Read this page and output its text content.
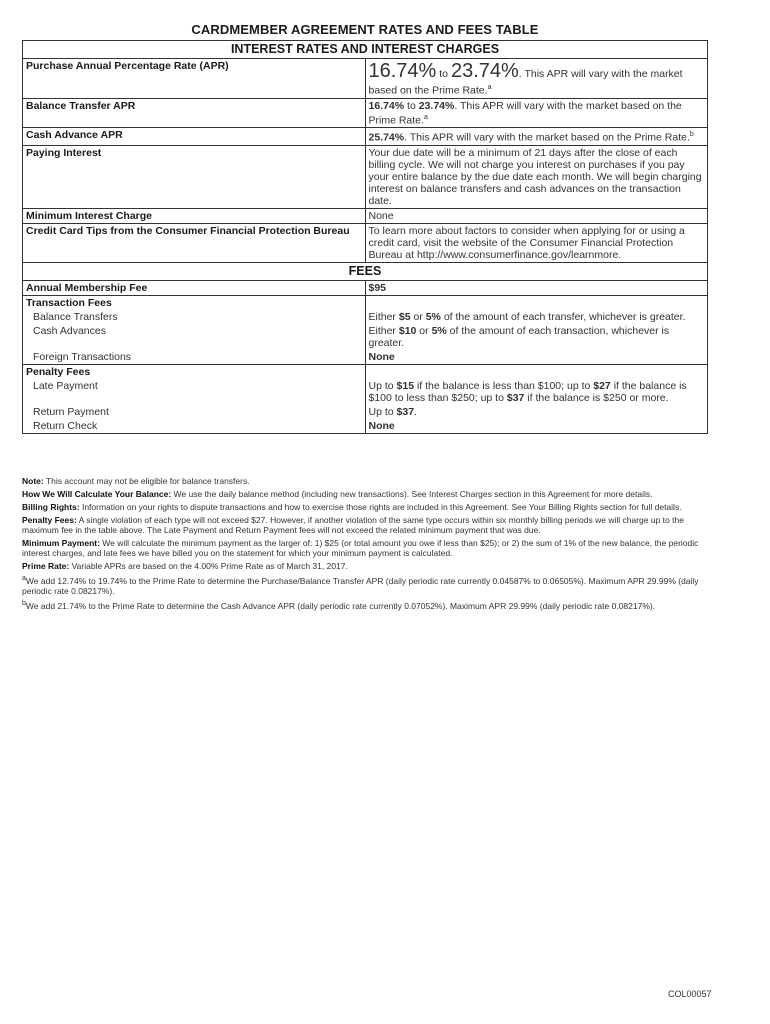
CARDMEMBER AGREEMENT RATES AND FEES TABLE
INTEREST RATES AND INTEREST CHARGES	
Purchase Annual Percentage Rate (APR)	16.74% to 23.74%. This APR will vary with the market based on the Prime Rate.$^a$
Balance Transfer APR	16.74% to 23.74%. This APR will vary with the market based on the Prime Rate.$^a$
Cash Advance APR	25.74%. This APR will vary with the market based on the Prime Rate.$^b$
Paying Interest	Your due date will be a minimum of 21 days after the close of each billing cycle. We will not charge you interest on purchases if you pay your entire balance by the due date each month. We will begin charging interest on balance transfers and cash advances on the transaction date.
Minimum Interest Charge	None
Credit Card Tips from the Consumer Financial Protection Bureau	To learn more about factors to consider when applying for or using a credit card, visit the website of the Consumer Financial Protection Bureau at http://www.consumerfinance.gov/learnmore.
FEES	
Annual Membership Fee	$95
Transaction Fees	
Balance Transfers	Either $5 or 5% of the amount of each transfer, whichever is greater.
Cash Advances	Either $10 or 5% of the amount of each transaction, whichever is greater.
Foreign Transactions	None
Penalty Fees	
Late Payment	Up to $15 if the balance is less than $100; up to $27 if the balance is $100 to less than $250; up to $37 if the balance is $250 or more.
Return Payment	Up to $37.
Return Check	None

Note: This account may not be eligible for balance transfers.

How We Will Calculate Your Balance: We use the daily balance method (including new transactions). See Interest Charges section in this Agreement for more details.

Billing Rights: Information on your rights to dispute transactions and how to exercise those rights are included in this Agreement. See Your Billing Rights section for full details.

Penalty Fees: A single violation of each type will not exceed $27. However, if another violation of the same type occurs within six monthly billing periods we will charge up to the maximum fee in the table above. The Late Payment and Return Payment fees will not exceed the related minimum payment that was due.

Minimum Payment: We will calculate the minimum payment as the larger of: 1) $25 (or total amount you owe if less than $25); or 2) the sum of 1% of the new balance, the periodic interest charges, and late fees we have billed you on the statement for which your minimum payment is calculated.

Prime Rate: Variable APRs are based on the 4.00% Prime Rate as of March 31, 2017.

$^a$We add 12.74% to 19.74% to the Prime Rate to determine the Purchase/Balance Transfer APR (daily periodic rate currently 0.04587% to 0.06505%). Maximum APR 29.99% (daily periodic rate 0.08217%).

$^b$We add 21.74% to the Prime Rate to determine the Cash Advance APR (daily periodic rate currently 0.07052%). Maximum APR 29.99% (daily periodic rate 0.08217%).

COL00057
